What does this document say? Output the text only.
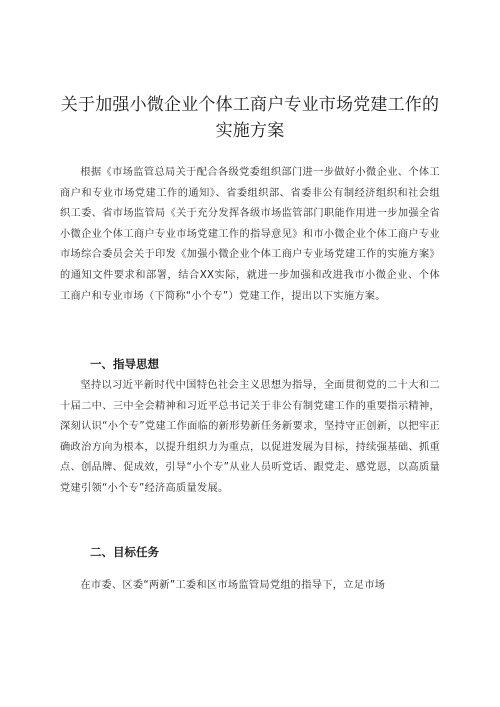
关于加强小微企业个体工商户专业市场党建工作的实施方案
根据《市场监管总局关于配合各级党委组织部门进一步做好小微企业、个体工商户和专业市场党建工作的通知》、省委组织部、省委非公有制经济组织和社会组织工委、省市场监管局《关于充分发挥各级市场监管部门职能作用进一步加强全省小微企业个体工商户专业市场党建工作的指导意见》和市小微企业个体工商户专业市场综合委员会关于印发《加强小微企业个体工商户专业场党建工作的实施方案》的通知文件要求和部署，结合XX实际，就进一步加强和改进我市小微企业、个体工商户和专业市场（下简称“小个专”）党建工作，提出以下实施方案。
一、指导思想
坚持以习近平新时代中国特色社会主义思想为指导，全面贯彻党的二十大和二十届二中、三中全会精神和习近平总书记关于非公有制党建工作的重要指示精神，深刻认识“小个专”党建工作面临的新形势新任务新要求，坚持守正创新，以把牢正确政治方向为根本，以提升组织力为重点，以促进发展为目标，持续强基础、抓重点、创品牌、促成效，引导“小个专”从业人员听党话、跟党走、感党恩，以高质量党建引领“小个专”经济高质量发展。
二、目标任务
在市委、区委“两新”工委和区市场监管局党组的指导下，立足市场
